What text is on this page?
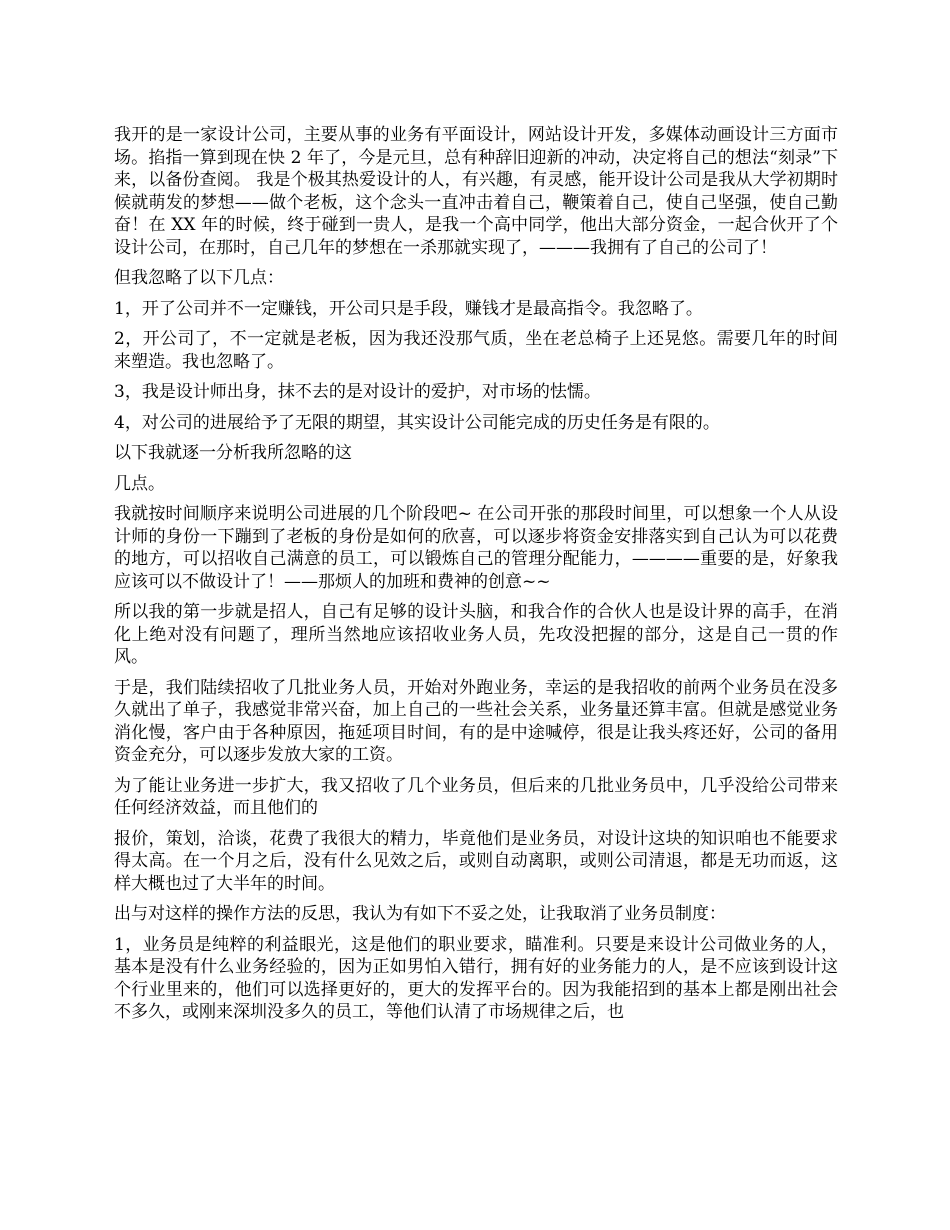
我开的是一家设计公司，主要从事的业务有平面设计，网站设计开发，多媒体动画设计三方面市场。掐指一算到现在快 2 年了，今是元旦，总有种辞旧迎新的冲动，决定将自己的想法“刻录”下来，以备份查阅。 我是个极其热爱设计的人，有兴趣，有灵感，能开设计公司是我从大学初期时候就萌发的梦想——做个老板，这个念头一直冲击着自己，鞭策着自己，使自己坚强，使自己勤奋！在 XX 年的时候，终于碰到一贵人，是我一个高中同学，他出大部分资金，一起合伙开了个设计公司，在那时，自己几年的梦想在一杀那就实现了，———我拥有了自己的公司了！

但我忽略了以下几点：

1，开了公司并不一定赚钱，开公司只是手段，赚钱才是最高指令。我忽略了。

2，开公司了，不一定就是老板，因为我还没那气质，坐在老总椅子上还晃悠。需要几年的时间来塑造。我也忽略了。

3，我是设计师出身，抹不去的是对设计的爱护，对市场的怯懦。

4，对公司的进展给予了无限的期望，其实设计公司能完成的历史任务是有限的。

以下我就逐一分析我所忽略的这

几点。

我就按时间顺序来说明公司进展的几个阶段吧~ 在公司开张的那段时间里，可以想象一个人从设计师的身份一下蹦到了老板的身份是如何的欣喜，可以逐步将资金安排落实到自己认为可以花费的地方，可以招收自己满意的员工，可以锻炼自己的管理分配能力，————重要的是，好象我应该可以不做设计了！——那烦人的加班和费神的创意~~

所以我的第一步就是招人，自己有足够的设计头脑，和我合作的合伙人也是设计界的高手，在消化上绝对没有问题了，理所当然地应该招收业务人员，先攻没把握的部分，这是自己一贯的作风。

于是，我们陆续招收了几批业务人员，开始对外跑业务，幸运的是我招收的前两个业务员在没多久就出了单子，我感觉非常兴奋，加上自己的一些社会关系，业务量还算丰富。但就是感觉业务消化慢，客户由于各种原因，拖延项目时间，有的是中途喊停，很是让我头疼还好，公司的备用资金充分，可以逐步发放大家的工资。

为了能让业务进一步扩大，我又招收了几个业务员，但后来的几批业务员中，几乎没给公司带来任何经济效益，而且他们的

报价，策划，洽谈，花费了我很大的精力，毕竟他们是业务员，对设计这块的知识咱也不能要求得太高。在一个月之后，没有什么见效之后，或则自动离职，或则公司清退，都是无功而返，这样大概也过了大半年的时间。

出与对这样的操作方法的反思，我认为有如下不妥之处，让我取消了业务员制度：

1，业务员是纯粹的利益眼光，这是他们的职业要求，瞄准利。只要是来设计公司做业务的人，基本是没有什么业务经验的，因为正如男怕入错行，拥有好的业务能力的人，是不应该到设计这个行业里来的，他们可以选择更好的，更大的发挥平台的。因为我能招到的基本上都是刚出社会不多久，或刚来深圳没多久的员工，等他们认清了市场规律之后，也
